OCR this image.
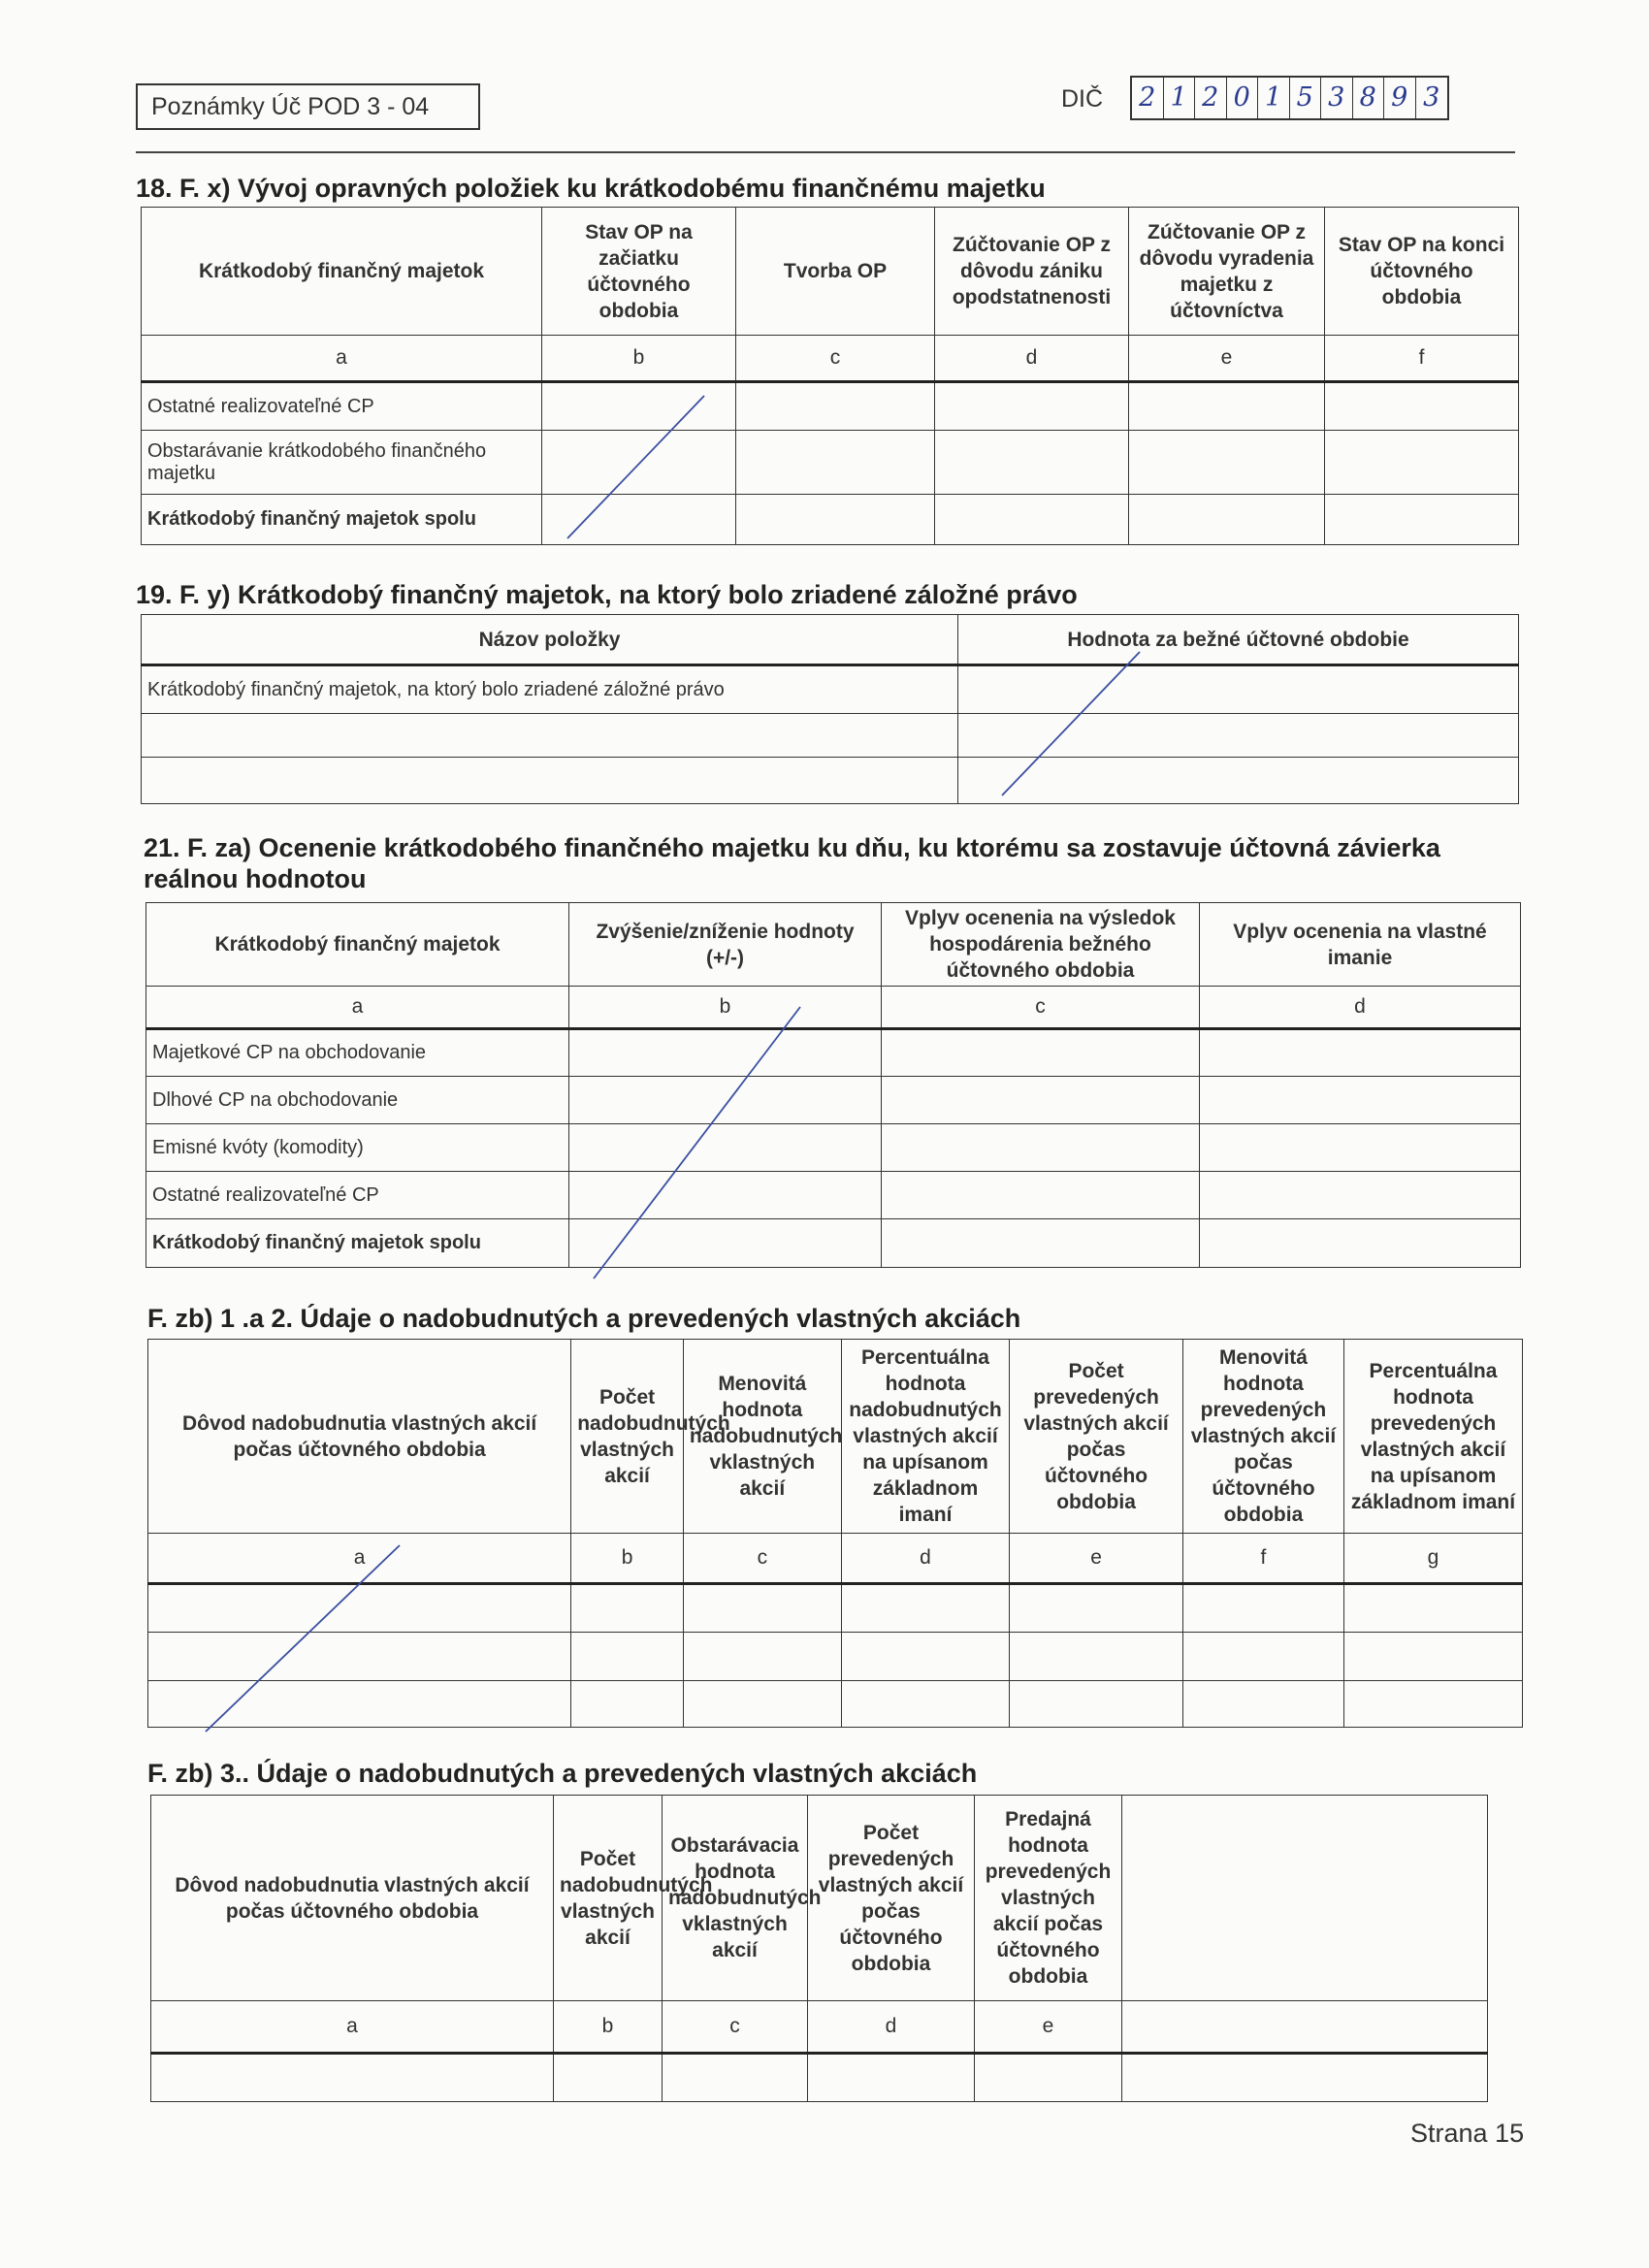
Poznámky Úč POD 3 - 04	DIČ 2 1 2 0 1 5 3 8 9 3
18. F. x) Vývoj opravných položiek ku krátkodobému finančnému majetku
Krátkodobý finančný majetok	Stav OP na začiatku účtovného obdobia	Tvorba OP	Zúčtovanie OP z dôvodu zániku opodstatnenosti	Zúčtovanie OP z dôvodu vyradenia majetku z účtovníctva	Stav OP na konci účtovného obdobia
a	b	c	d	e	f
Ostatné realizovateľné CP					
Obstarávanie krátkodobého finančného majetku					
Krátkodobý finančný majetok spolu					
19. F. y) Krátkodobý finančný majetok, na ktorý bolo zriadené záložné právo
Názov položky	Hodnota za bežné účtovné obdobie
Krátkodobý finančný majetok, na ktorý bolo zriadené záložné právo	

21. F. za) Ocenenie krátkodobého finančného majetku ku dňu, ku ktorému sa zostavuje účtovná závierka reálnou hodnotou
Krátkodobý finančný majetok	Zvýšenie/zníženie hodnoty (+/-)	Vplyv ocenenia na výsledok hospodárenia bežného účtovného obdobia	Vplyv ocenenia na vlastné imanie
a	b	c	d
Majetkové CP na obchodovanie			
Dlhové CP na obchodovanie			
Emisné kvóty (komodity)			
Ostatné realizovateľné CP			
Krátkodobý finančný majetok spolu			
F. zb) 1 .a 2. Údaje o nadobudnutých a prevedených vlastných akciách
Dôvod nadobudnutia vlastných akcií počas účtovného obdobia	Počet nadobudnutých vlastných akcií	Menovitá hodnota nadobudnutých vklastných akcií	Percentuálna hodnota nadobudnutých vlastných akcií na upísanom základnom imaní	Počet prevedených vlastných akcií počas účtovného obdobia	Menovitá hodnota prevedených vlastných akcií počas účtovného obdobia	Percentuálna hodnota prevedených vlastných akcií na upísanom základnom imaní
a	b	c	d	e	f	g

F. zb) 3.. Údaje o nadobudnutých a prevedených vlastných akciách
Dôvod nadobudnutia vlastných akcií počas účtovného obdobia	Počet nadobudnutých vlastných akcií	Obstarávacia hodnota nadobudnutých vklastných akcií	Počet prevedených vlastných akcií počas účtovného obdobia	Predajná hodnota prevedených vlastných akcií počas účtovného obdobia	
a	b	c	d	e	

Strana 15
